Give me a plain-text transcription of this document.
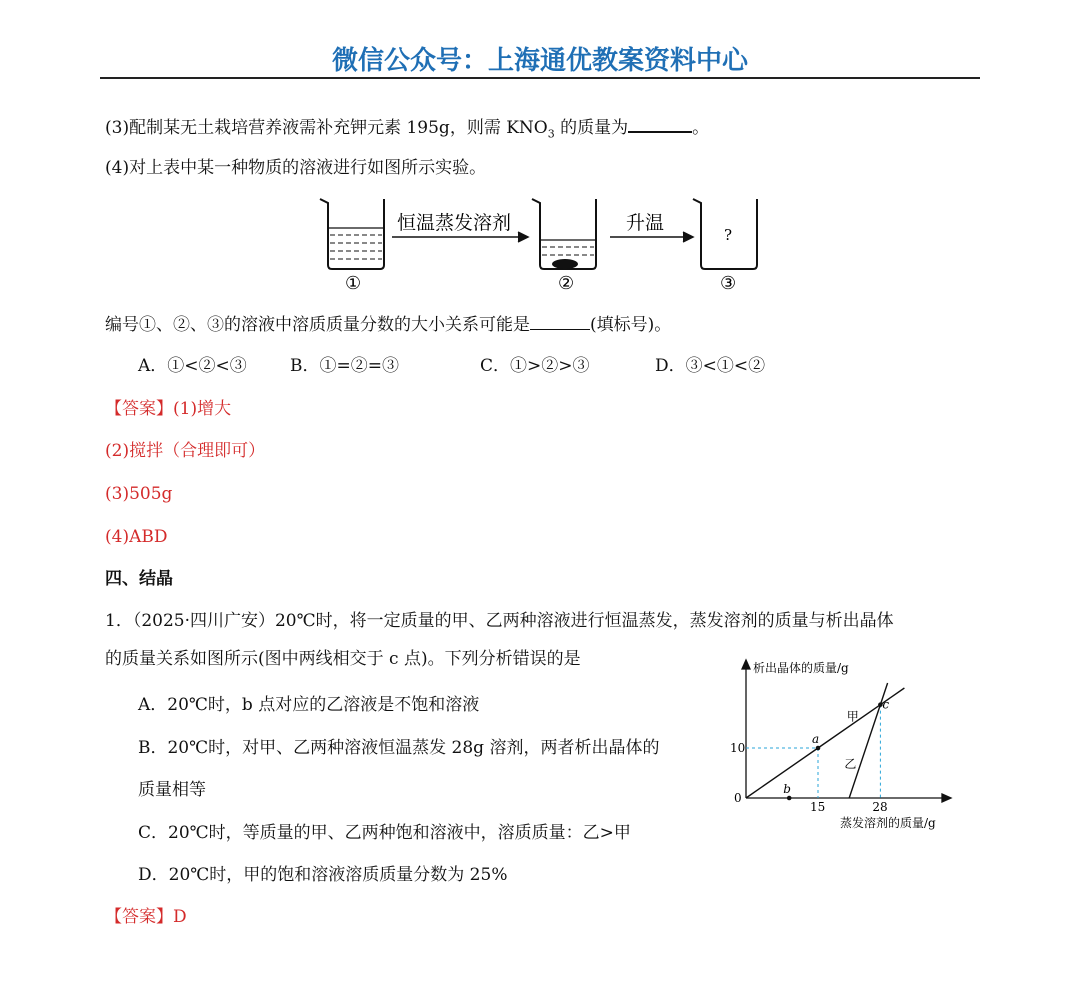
微信公众号：上海通优教案资料中心
(3)配制某无土栽培营养液需补充钾元素 195g，则需 $KNO_3$ 的质量为	。
(4)对上表中某一种物质的溶液进行如图所示实验。
恒温蒸发溶剂	升温
?
①	②	③
编号①、②、③的溶液中溶质质量分数的大小关系可能是	(填标号)。
A．①<②<③	B．①=②=③	C．①>②>③	D．③<①<②
【答案】(1)增大
(2)搅拌（合理即可）
(3)505g
(4)ABD
四、结晶
1．（2025·四川广安）20℃时，将一定质量的甲、乙两种溶液进行恒温蒸发，蒸发溶剂的质量与析出晶体
的质量关系如图所示(图中两线相交于 c 点)。下列分析错误的是
A．20℃时，b 点对应的乙溶液是不饱和溶液
B．20℃时，对甲、乙两种溶液恒温蒸发 28g 溶剂，两者析出晶体的
质量相等
C．20℃时，等质量的甲、乙两种饱和溶液中，溶质质量：乙>甲
D．20℃时，甲的饱和溶液溶质质量分数为 25%
【答案】D
析出晶体的质量/g
蒸发溶剂的质量/g
甲
乙
a
b
c
0
15	28
10
